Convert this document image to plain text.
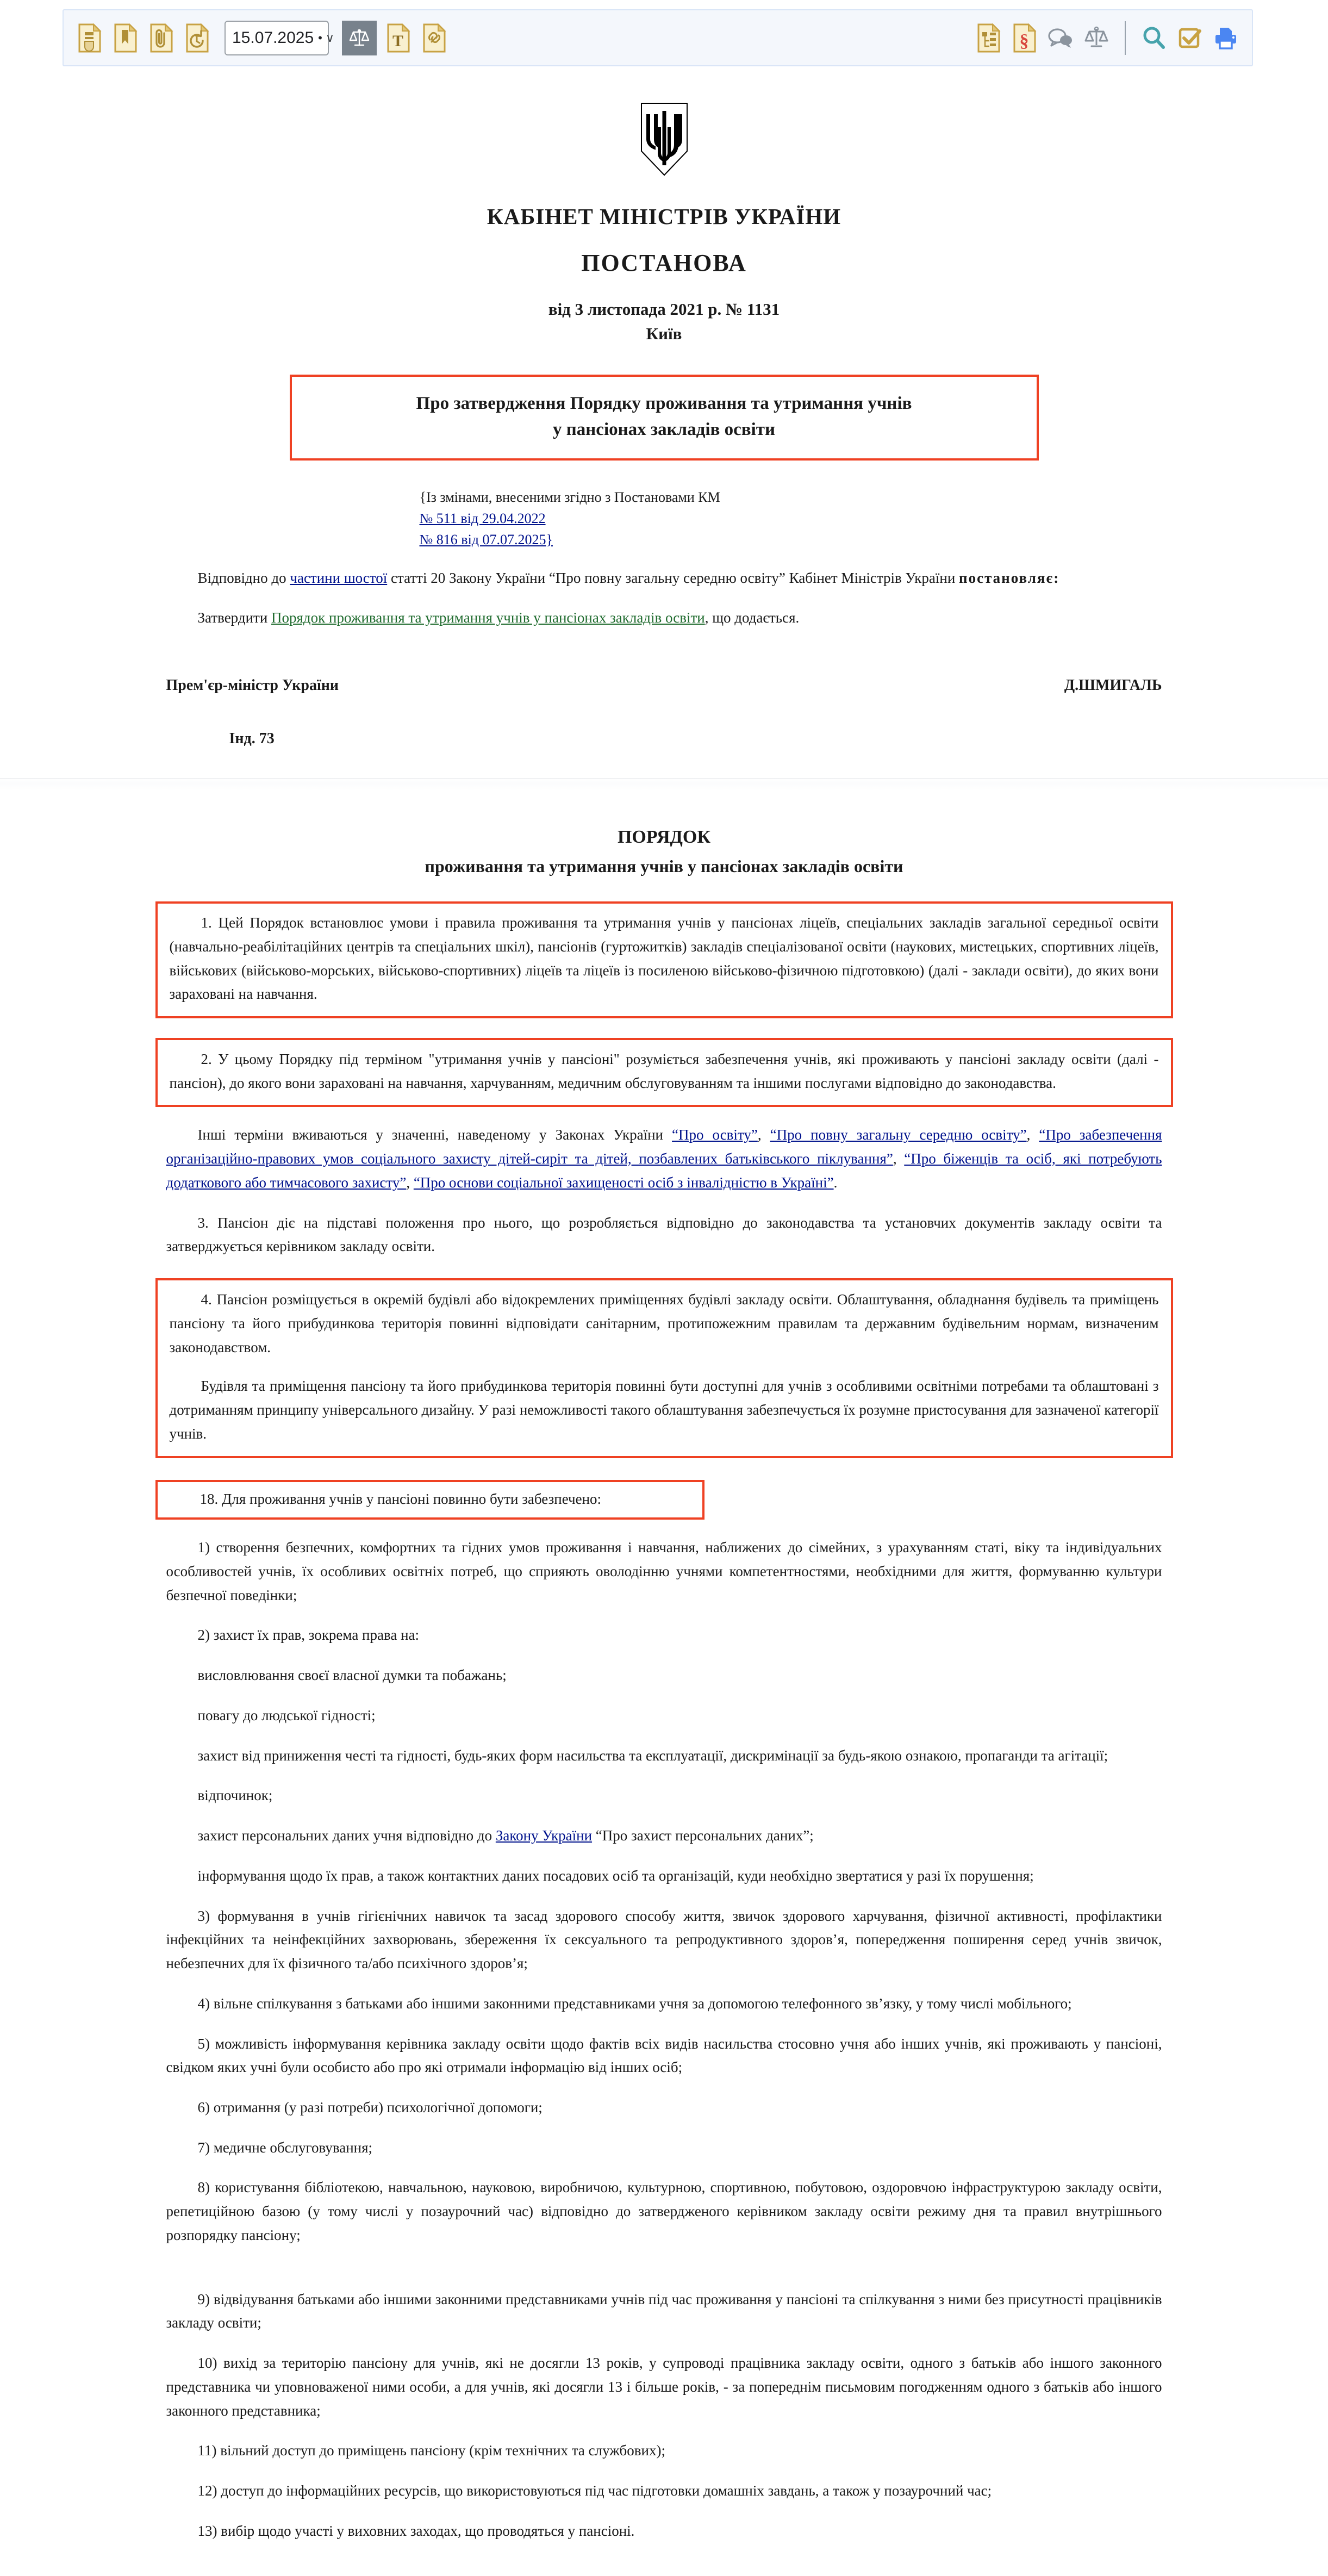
15.07.2025 • ∨	T	§
КАБІНЕТ МІНІСТРІВ УКРАЇНИ
ПОСТАНОВА
від 3 листопада 2021 р. № 1131
Київ
Про затвердження Порядку проживання та утримання учнів
у пансіонах закладів освіти
{Із змінами, внесеними згідно з Постановами КМ
№ 511 від 29.04.2022
№ 816 від 07.07.2025}
Відповідно до частини шостої статті 20 Закону України “Про повну загальну середню освіту” Кабінет Міністрів України постановляє:
Затвердити Порядок проживання та утримання учнів у пансіонах закладів освіти, що додається.
Прем'єр-міністр України	Д.ШМИГАЛЬ
Інд. 73
ПОРЯДОК
проживання та утримання учнів у пансіонах закладів освіти
1. Цей Порядок встановлює умови і правила проживання та утримання учнів у пансіонах ліцеїв, спеціальних закладів загальної середньої освіти (навчально-реабілітаційних центрів та спеціальних шкіл), пансіонів (гуртожитків) закладів спеціалізованої освіти (наукових, мистецьких, спортивних ліцеїв, військових (військово-морських, військово-спортивних) ліцеїв та ліцеїв із посиленою військово-фізичною підготовкою) (далі - заклади освіти), до яких вони зараховані на навчання.
2. У цьому Порядку під терміном "утримання учнів у пансіоні" розуміється забезпечення учнів, які проживають у пансіоні закладу освіти (далі - пансіон), до якого вони зараховані на навчання, харчуванням, медичним обслуговуванням та іншими послугами відповідно до законодавства.
Інші терміни вживаються у значенні, наведеному у Законах України “Про освіту”, “Про повну загальну середню освіту”, “Про забезпечення організаційно-правових умов соціального захисту дітей-сиріт та дітей, позбавлених батьківського піклування”, “Про біженців та осіб, які потребують додаткового або тимчасового захисту”, “Про основи соціальної захищеності осіб з інвалідністю в Україні”.
3. Пансіон діє на підставі положення про нього, що розробляється відповідно до законодавства та установчих документів закладу освіти та затверджується керівником закладу освіти.
4. Пансіон розміщується в окремій будівлі або відокремлених приміщеннях будівлі закладу освіти. Облаштування, обладнання будівель та приміщень пансіону та його прибудинкова територія повинні відповідати санітарним, протипожежним правилам та державним будівельним нормам, визначеним законодавством.
Будівля та приміщення пансіону та його прибудинкова територія повинні бути доступні для учнів з особливими освітніми потребами та облаштовані з дотриманням принципу універсального дизайну. У разі неможливості такого облаштування забезпечується їх розумне пристосування для зазначеної категорії учнів.
18. Для проживання учнів у пансіоні повинно бути забезпечено:
1) створення безпечних, комфортних та гідних умов проживання і навчання, наближених до сімейних, з урахуванням статі, віку та індивідуальних особливостей учнів, їх особливих освітніх потреб, що сприяють оволодінню учнями компетентностями, необхідними для життя, формуванню культури безпечної поведінки;
2) захист їх прав, зокрема права на:
висловлювання своєї власної думки та побажань;
повагу до людської гідності;
захист від приниження честі та гідності, будь-яких форм насильства та експлуатації, дискримінації за будь-якою ознакою, пропаганди та агітації;
відпочинок;
захист персональних даних учня відповідно до Закону України “Про захист персональних даних”;
інформування щодо їх прав, а також контактних даних посадових осіб та організацій, куди необхідно звертатися у разі їх порушення;
3) формування в учнів гігієнічних навичок та засад здорового способу життя, звичок здорового харчування, фізичної активності, профілактики інфекційних та неінфекційних захворювань, збереження їх сексуального та репродуктивного здоров’я, попередження поширення серед учнів звичок, небезпечних для їх фізичного та/або психічного здоров’я;
4) вільне спілкування з батьками або іншими законними представниками учня за допомогою телефонного зв’язку, у тому числі мобільного;
5) можливість інформування керівника закладу освіти щодо фактів всіх видів насильства стосовно учня або інших учнів, які проживають у пансіоні, свідком яких учні були особисто або про які отримали інформацію від інших осіб;
6) отримання (у разі потреби) психологічної допомоги;
7) медичне обслуговування;
8) користування бібліотекою, навчальною, науковою, виробничою, культурною, спортивною, побутовою, оздоровчою інфраструктурою закладу освіти, репетиційною базою (у тому числі у позаурочний час) відповідно до затвердженого керівником закладу освіти режиму дня та правил внутрішнього розпорядку пансіону;
9) відвідування батьками або іншими законними представниками учнів під час проживання у пансіоні та спілкування з ними без присутності працівників закладу освіти;
10) вихід за територію пансіону для учнів, які не досягли 13 років, у супроводі працівника закладу освіти, одного з батьків або іншого законного представника чи уповноваженої ними особи, а для учнів, які досягли 13 і більше років, - за попереднім письмовим погодженням одного з батьків або іншого законного представника;
11) вільний доступ до приміщень пансіону (крім технічних та службових);
12) доступ до інформаційних ресурсів, що використовуються під час підготовки домашніх завдань, а також у позаурочний час;
13) вибір щодо участі у виховних заходах, що проводяться у пансіоні.
